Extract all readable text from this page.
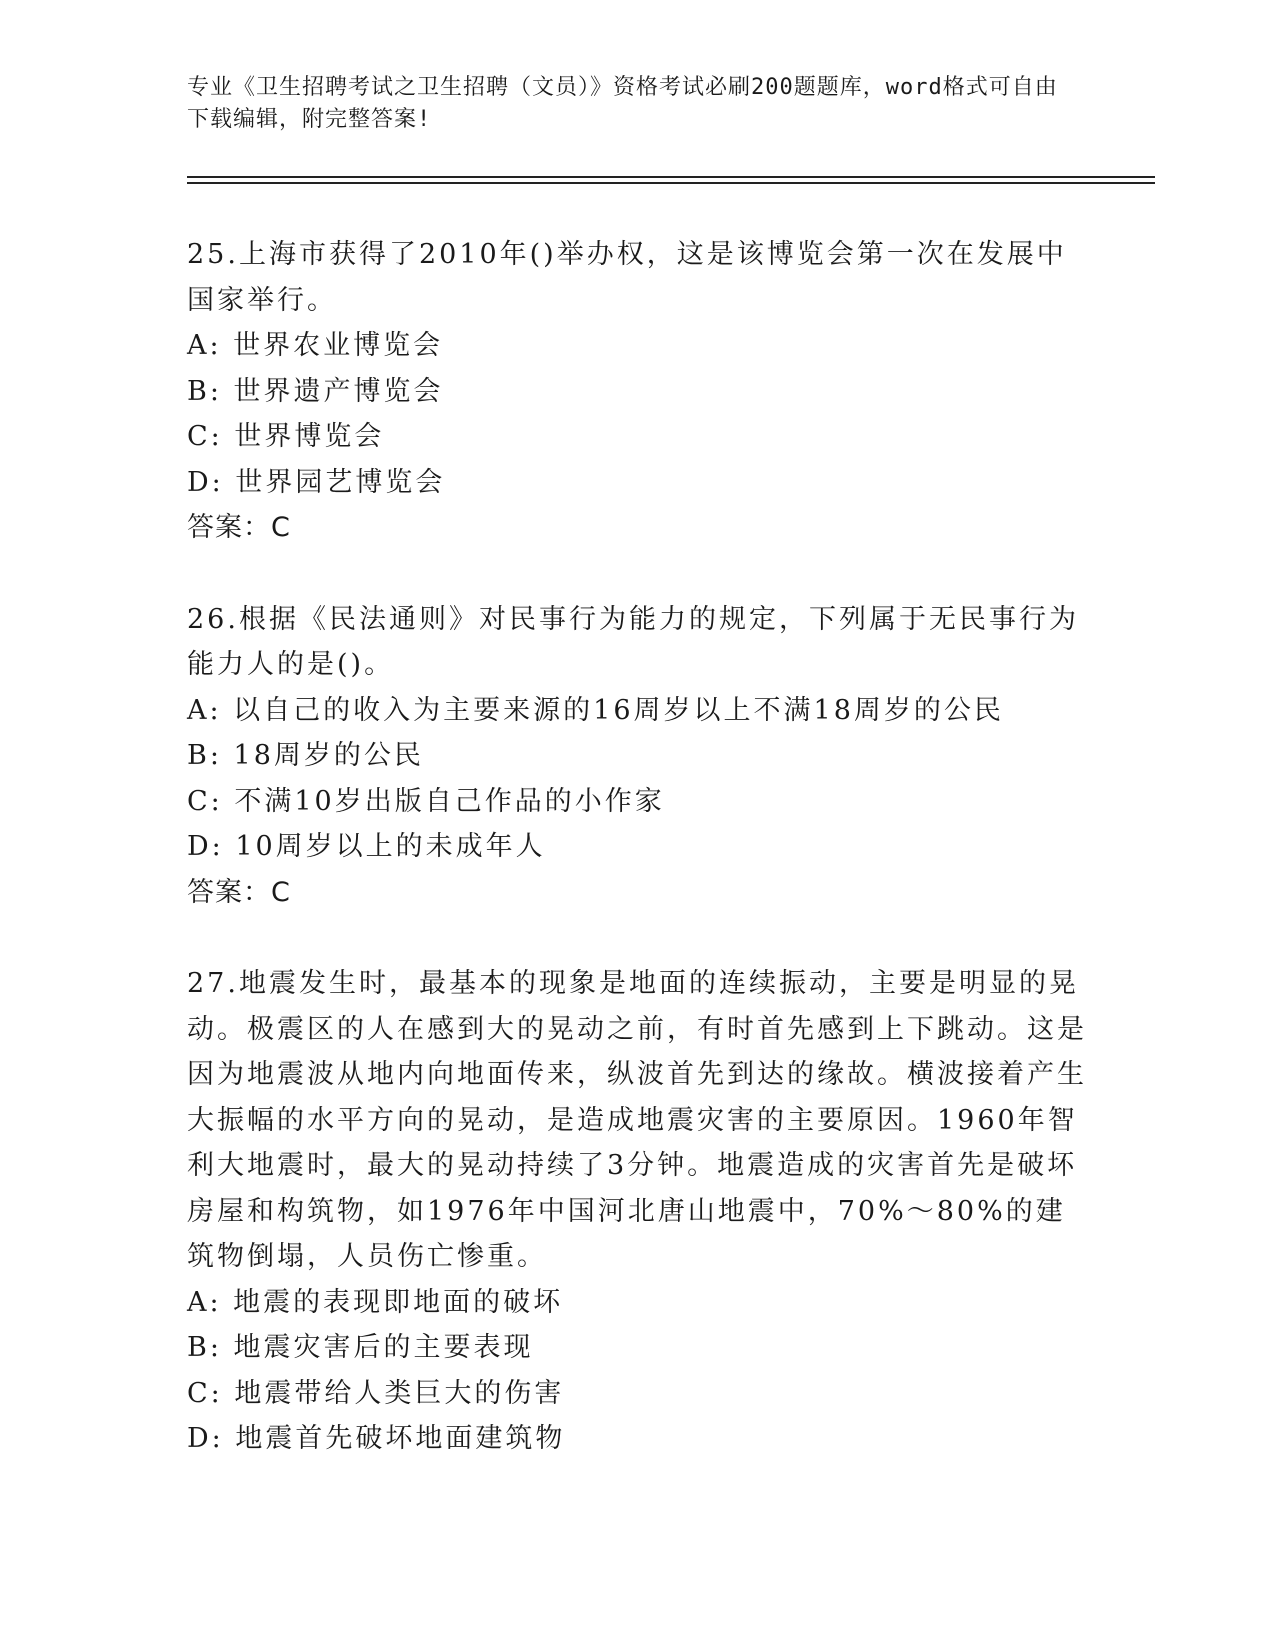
专业《卫生招聘考试之卫生招聘（文员）》资格考试必刷200题题库，word格式可自由下载编辑，附完整答案!

25.上海市获得了2010年()举办权，这是该博览会第一次在发展中国家举行。

A: 世界农业博览会

B: 世界遗产博览会

C: 世界博览会

D: 世界园艺博览会

答案：C

26.根据《民法通则》对民事行为能力的规定，下列属于无民事行为能力人的是()。

A: 以自己的收入为主要来源的16周岁以上不满18周岁的公民

B: 18周岁的公民

C: 不满10岁出版自己作品的小作家

D: 10周岁以上的未成年人

答案：C

27.地震发生时，最基本的现象是地面的连续振动，主要是明显的晃动。极震区的人在感到大的晃动之前，有时首先感到上下跳动。这是因为地震波从地内向地面传来，纵波首先到达的缘故。横波接着产生大振幅的水平方向的晃动，是造成地震灾害的主要原因。1960年智利大地震时，最大的晃动持续了3分钟。地震造成的灾害首先是破坏房屋和构筑物，如1976年中国河北唐山地震中，70%～80%的建筑物倒塌，人员伤亡惨重。

A: 地震的表现即地面的破坏

B: 地震灾害后的主要表现

C: 地震带给人类巨大的伤害

D: 地震首先破坏地面建筑物
